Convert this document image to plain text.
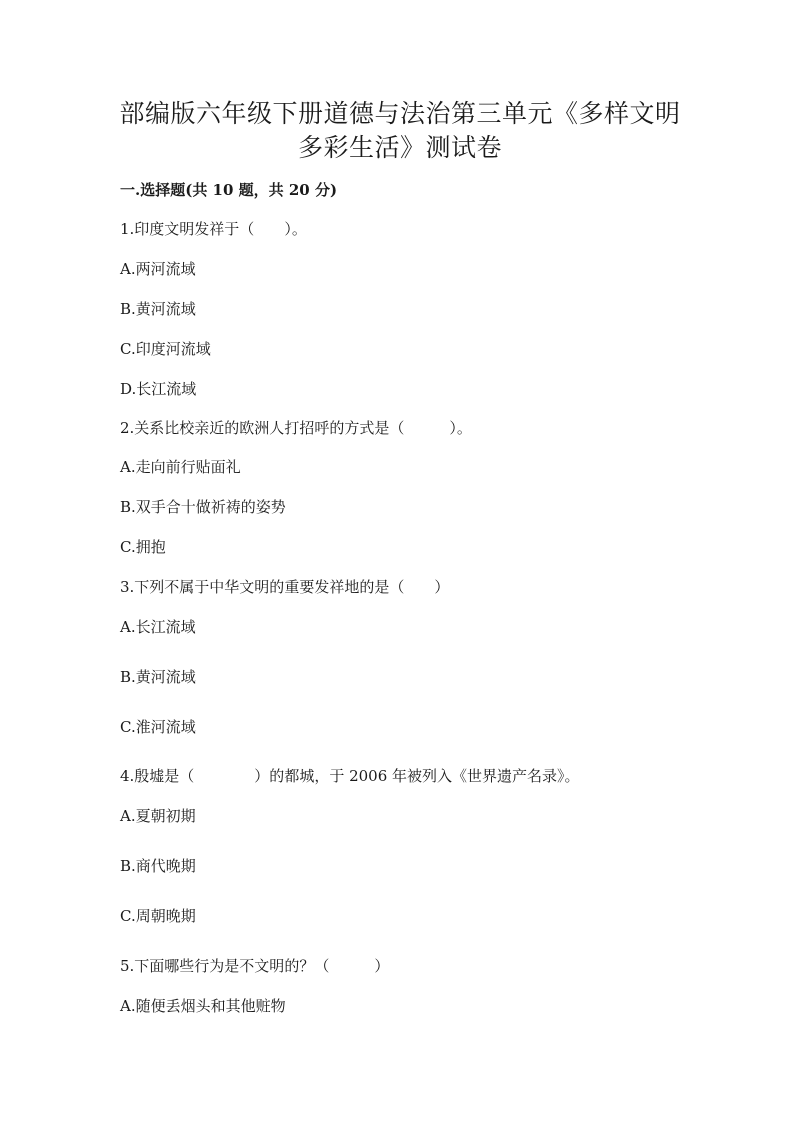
部编版六年级下册道德与法治第三单元《多样文明
多彩生活》测试卷
一.选择题(共 10 题，共 20 分)
1.印度文明发祥于（　　）。
A.两河流域
B.黄河流域
C.印度河流域
D.长江流域
2.关系比校亲近的欧洲人打招呼的方式是（　　　）。
A.走向前行贴面礼
B.双手合十做祈祷的姿势
C.拥抱
3.下列不属于中华文明的重要发祥地的是（　　）
A.长江流域
B.黄河流域
C.淮河流域
4.殷墟是（　　　　）的都城，于 2006 年被列入《世界遗产名录》。
A.夏朝初期
B.商代晚期
C.周朝晚期
5.下面哪些行为是不文明的？（　　　）
A.随便丢烟头和其他赃物
